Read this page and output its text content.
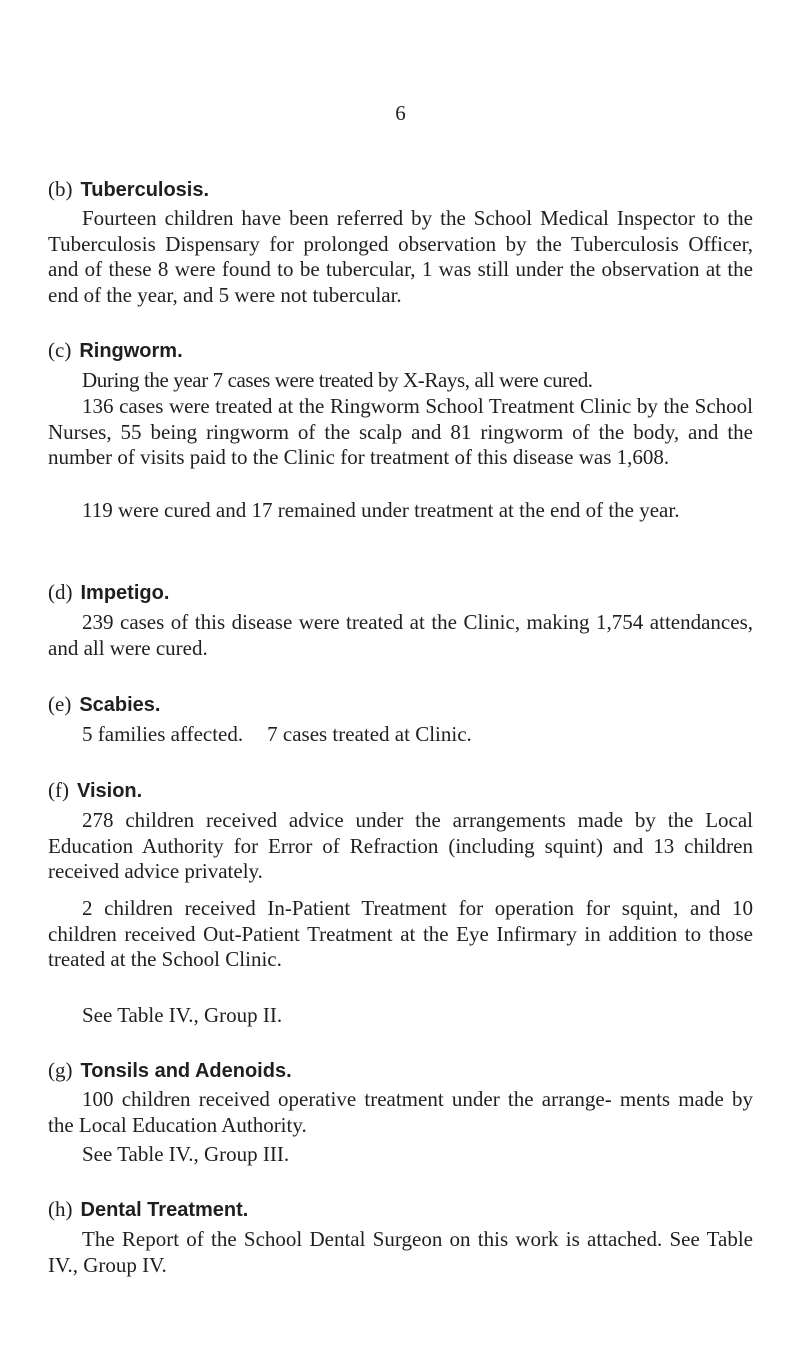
6
(b) Tuberculosis.

Fourteen children have been referred by the School Medical Inspector to the Tuberculosis Dispensary for prolonged observation by the Tuberculosis Officer, and of these 8 were found to be tubercular, 1 was still under the observation at the end of the year, and 5 were not tubercular.

(c) Ringworm.

During the year 7 cases were treated by X-Rays, all were cured.

136 cases were treated at the Ringworm School Treatment Clinic by the School Nurses, 55 being ringworm of the scalp and 81 ringworm of the body, and the number of visits paid to the Clinic for treatment of this disease was 1,608.

119 were cured and 17 remained under treatment at the end of the year.

(d) Impetigo.

239 cases of this disease were treated at the Clinic, making 1,754 attendances, and all were cured.

(e) Scabies.

5 families affected. 7 cases treated at Clinic.

(f) Vision.

278 children received advice under the arrangements made by the Local Education Authority for Error of Refraction (including squint) and 13 children received advice privately.

2 children received In-Patient Treatment for operation for squint, and 10 children received Out-Patient Treatment at the Eye Infirmary in addition to those treated at the School Clinic.

See Table IV., Group II.

(g) Tonsils and Adenoids.

100 children received operative treatment under the arrange- ments made by the Local Education Authority.

See Table IV., Group III.

(h) Dental Treatment.

The Report of the School Dental Surgeon on this work is attached. See Table IV., Group IV.
